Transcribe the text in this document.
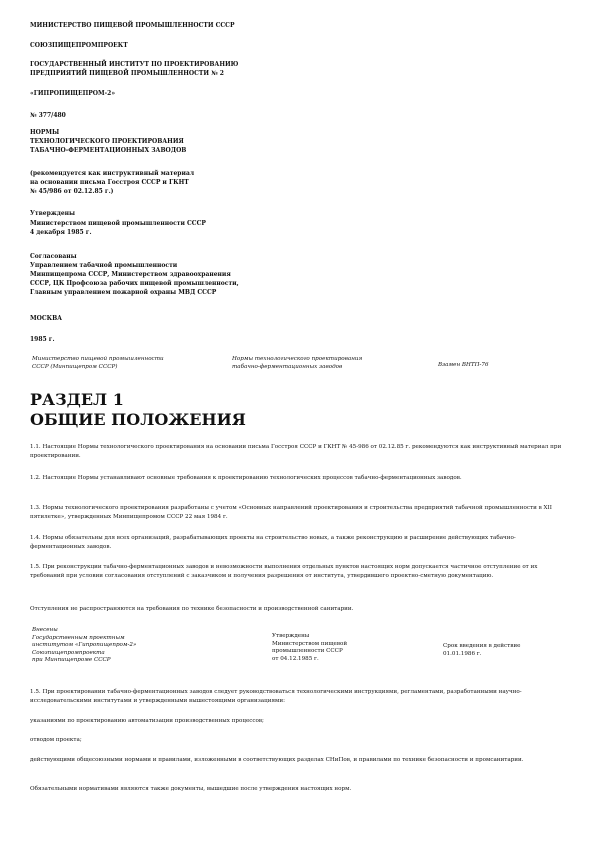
МИНИСТЕРСТВО ПИЩЕВОЙ ПРОМЫШЛЕННОСТИ СССР
СОЮЗПИЩЕПРОМПРОЕКТ
ГОСУДАРСТВЕННЫЙ ИНСТИТУТ ПО ПРОЕКТИРОВАНИЮ
ПРЕДПРИЯТИЙ ПИЩЕВОЙ ПРОМЫШЛЕННОСТИ № 2
«ГИПРОПИЩЕПРОМ-2»
№ 377/480
НОРМЫ
ТЕХНОЛОГИЧЕСКОГО ПРОЕКТИРОВАНИЯ
ТАБАЧНО-ФЕРМЕНТАЦИОННЫХ ЗАВОДОВ
(рекомендуется как инструктивный материал
на основании письма Госстроя СССР и ГКНТ
№ 45/986 от 02.12.85 г.)
Утверждены
Министерством пищевой промышленности СССР
4 декабря 1985 г.
Согласованы
Управлением табачной промышленности
Минпищепрома СССР, Министерством здравоохранения
СССР, ЦК Профсоюза рабочих пищевой промышленности,
Главным управлением пожарной охраны МВД СССР
МОСКВА
1985 г.
Министерство пищевой промышленности
СССР (Минпищепром СССР)
Нормы технологического проектирования
табачно-ферментационных заводов	Взамен ВНТП-76
РАЗДЕЛ 1
ОБЩИЕ ПОЛОЖЕНИЯ
1.1. Настоящие Нормы технологического проектирования на основании письма Госстроя СССР и ГКНТ № 45-986 от 02.12.85 г. рекомендуются как инструктивный материал при проектировании.
1.2. Настоящие Нормы устанавливают основные требования к проектированию технологических процессов табачно-ферментационных заводов.
1.3. Нормы технологического проектирования разработаны с учетом «Основных направлений проектирования и строительства предприятий табачной промышленности в XII пятилетке», утвержденных Минпищепромом СССР 22 мая 1984 г.
1.4. Нормы обязательны для всех организаций, разрабатывающих проекты на строительство новых, а также реконструкцию и расширение действующих табачно-ферментационных заводов.
1.5. При реконструкции табачно-ферментационных заводов и невозможности выполнения отдельных пунктов настоящих норм допускается частичное отступление от их требований при условии согласования отступлений с заказчиком и получения разрешения от института, утвердившего проектно-сметную документацию.
Отступления не распространяются на требования по технике безопасности и производственной санитарии.
Внесены
Государственным проектным
институтом «Гипропищепром-2»
Союзпищепромпроекта
при Минпищепроме СССР
Утверждены
Министерством пищевой
промышленности СССР
от 04.12.1985 г.
Срок введения в действие
01.01.1986 г.
1.5. При проектировании табачно-ферментационных заводов следует руководствоваться технологическими инструкциями, регламентами, разработанными научно-исследовательскими институтами и утвержденными вышестоящими организациями:
указаниями по проектированию автоматизации производственных процессов;
отводом проекта;
действующими общесоюзными нормами и правилами, изложенными в соответствующих разделах СНиПов, и правилами по технике безопасности и промсанитарии.
Обязательными нормативами являются также документы, вышедшие после утверждения настоящих норм.
